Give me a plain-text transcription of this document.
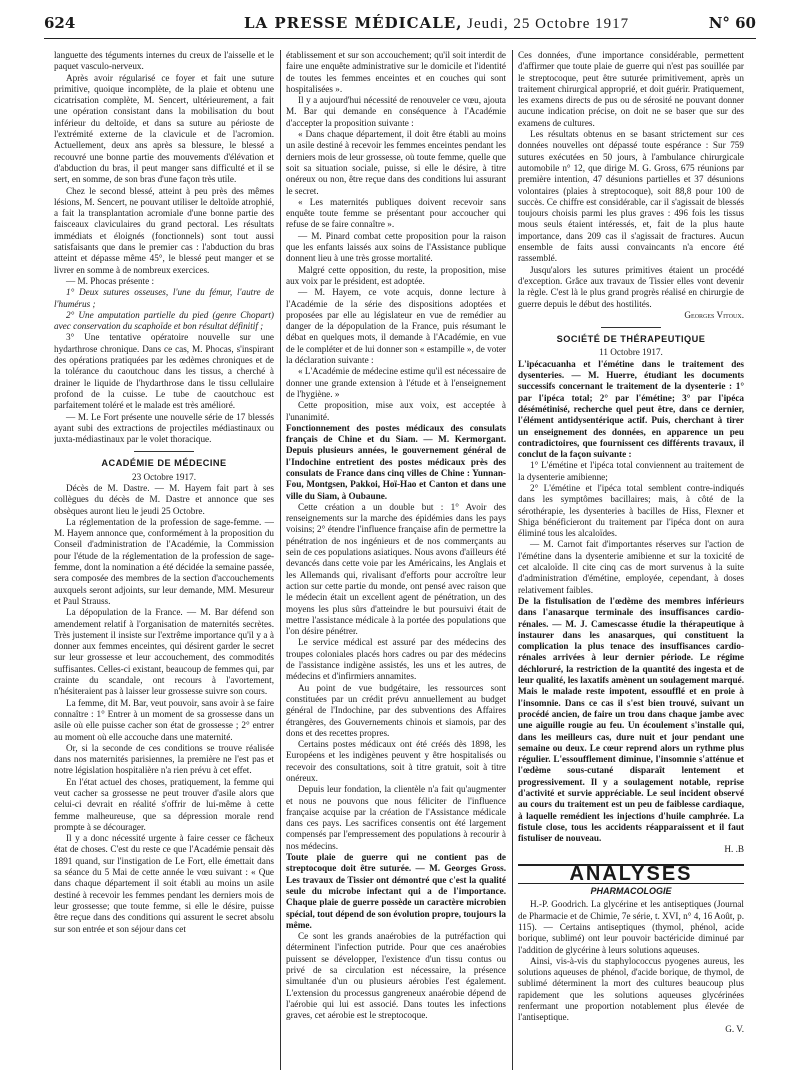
624	LA PRESSE MÉDICALE, Jeudi, 25 Octobre 1917	N° 60

languette des téguments internes du creux de l'aisselle et le paquet vasculo-nerveux.

Après avoir régularisé ce foyer et fait une suture primitive, quoique incomplète, de la plaie et obtenu une cicatrisation complète, M. Sencert, ultérieurement, a fait une opération consistant dans la mobilisation du bout inférieur du deltoïde, et dans sa suture au périoste de l'extrémité externe de la clavicule et de l'acromion. Actuellement, deux ans après sa blessure, le blessé a recouvré une bonne partie des mouvements d'élévation et d'abduction du bras, il peut manger sans difficulté et il se sert, en somme, de son bras d'une façon très utile.

Chez le second blessé, atteint à peu près des mêmes lésions, M. Sencert, ne pouvant utiliser le deltoïde atrophié, a fait la transplantation acromiale d'une bonne partie des faisceaux claviculaires du grand pectoral. Les résultats immédiats et éloignés (fonctionnels) sont tout aussi satisfaisants que dans le premier cas : l'abduction du bras atteint et dépasse même 45°, le blessé peut manger et se livrer en somme à de nombreux exercices.

— M. Phocas présente :

1° Deux sutures osseuses, l'une du fémur, l'autre de l'humérus ;

2° Une amputation partielle du pied (genre Chopart) avec conservation du scaphoïde et bon résultat définitif ;

3° Une tentative opératoire nouvelle sur une hydarthrose chronique. Dans ce cas, M. Phocas, s'inspirant des opérations pratiquées par les œdèmes chroniques et de la tolérance du caoutchouc dans les tissus, a cherché à drainer le liquide de l'hydarthrose dans le tissu cellulaire profond de la cuisse. Le tube de caoutchouc est parfaitement toléré et le malade est très amélioré.

— M. Le Fort présente une nouvelle série de 17 blessés ayant subi des extractions de projectiles médiastinaux ou juxta-médiastinaux par le volet thoracique.

ACADÉMIE DE MÉDECINE

23 Octobre 1917.

Décès de M. Dastre. — M. Hayem fait part à ses collègues du décès de M. Dastre et annonce que ses obsèques auront lieu le jeudi 25 Octobre.

La réglementation de la profession de sage-femme. — M. Hayem annonce que, conformément à la proposition du Conseil d'administration de l'Académie, la Commission pour l'étude de la réglementation de la profession de sage-femme, dont la nomination a été décidée la semaine passée, sera composée des membres de la section d'accouchements auxquels seront adjoints, sur leur demande, MM. Mesureur et Paul Strauss.

La dépopulation de la France. — M. Bar défend son amendement relatif à l'organisation de maternités secrètes. Très justement il insiste sur l'extrême importance qu'il y a à donner aux femmes enceintes, qui désirent garder le secret sur leur grossesse et leur accouchement, des commodités suffisantes. Celles-ci existant, beaucoup de femmes qui, par crainte du scandale, ont recours à l'avortement, n'hésiteraient pas à laisser leur grossesse suivre son cours.

La femme, dit M. Bar, veut pouvoir, sans avoir à se faire connaître : 1° Entrer à un moment de sa grossesse dans un asile où elle puisse cacher son état de grossesse ; 2° entrer au moment où elle accouche dans une maternité.

Or, si la seconde de ces conditions se trouve réalisée dans nos maternités parisiennes, la première ne l'est pas et notre législation hospitalière n'a rien prévu à cet effet.

En l'état actuel des choses, pratiquement, la femme qui veut cacher sa grossesse ne peut trouver d'asile alors que celui-ci devrait en réalité s'offrir de lui-même à cette femme malheureuse, que sa dépression morale rend prompte à se décourager.

Il y a donc nécessité urgente à faire cesser ce fâcheux état de choses. C'est du reste ce que l'Académie pensait dès 1891 quand, sur l'instigation de Le Fort, elle émettait dans sa séance du 5 Mai de cette année le vœu suivant : « Que dans chaque département il soit établi au moins un asile destiné à recevoir les femmes pendant les derniers mois de leur grossesse; que toute femme, si elle le désire, puisse être reçue dans des conditions qui assurent le secret absolu sur son entrée et son séjour dans cet

établissement et sur son accouchement; qu'il soit interdit de faire une enquête administrative sur le domicile et l'identité de toutes les femmes enceintes et en couches qui sont hospitalisées ».

Il y a aujourd'hui nécessité de renouveler ce vœu, ajouta M. Bar qui demande en conséquence à l'Académie d'accepter la proposition suivante :

« Dans chaque département, il doit être établi au moins un asile destiné à recevoir les femmes enceintes pendant les derniers mois de leur grossesse, où toute femme, quelle que soit sa situation sociale, puisse, si elle le désire, à titre onéreux ou non, être reçue dans des conditions lui assurant le secret.

« Les maternités publiques doivent recevoir sans enquête toute femme se présentant pour accoucher qui refuse de se faire connaître ».

— M. Pinard combat cette proposition pour la raison que les enfants laissés aux soins de l'Assistance publique donnent lieu à une très grosse mortalité.

Malgré cette opposition, du reste, la proposition, mise aux voix par le président, est adoptée.

— M. Hayem, ce vote acquis, donne lecture à l'Académie de la série des dispositions adoptées et proposées par elle au législateur en vue de remédier au danger de la dépopulation de la France, puis résumant le débat en quelques mots, il demande à l'Académie, en vue de le compléter et de lui donner son « estampille », de voter la déclaration suivante :

« L'Académie de médecine estime qu'il est nécessaire de donner une grande extension à l'étude et à l'enseignement de l'hygiène. »

Cette proposition, mise aux voix, est acceptée à l'unanimité.

Fonctionnement des postes médicaux des consulats français de Chine et du Siam. — M. Kermorgant. Depuis plusieurs années, le gouvernement général de l'Indochine entretient des postes médicaux près des consulats de France dans cinq villes de Chine : Yunnan-Fou, Montgsen, Pakkoi, Hoï-Hao et Canton et dans une ville du Siam, à Oubaune.

Cette création a un double but : 1° Avoir des renseignements sur la marche des épidémies dans les pays voisins; 2° étendre l'influence française afin de permettre la pénétration de nos ingénieurs et de nos commerçants au sein de ces populations asiatiques. Nous avons d'ailleurs été devancés dans cette voie par les Américains, les Anglais et les Allemands qui, rivalisant d'efforts pour accroître leur action sur cette partie du monde, ont pensé avec raison que le médecin était un excellent agent de pénétration, un des moyens les plus sûrs d'atteindre le but poursuivi était de mettre l'assistance médicale à la portée des populations que l'on désire pénétrer.

Le service médical est assuré par des médecins des troupes coloniales placés hors cadres ou par des médecins de l'assistance indigène assistés, les uns et les autres, de médecins et d'infirmiers annamites.

Au point de vue budgétaire, les ressources sont constituées par un crédit prévu annuellement au budget général de l'Indochine, par des subventions des Affaires étrangères, des Gouvernements chinois et siamois, par des dons et des recettes propres.

Certains postes médicaux ont été créés dès 1898, les Européens et les indigènes peuvent y être hospitalisés ou recevoir des consultations, soit à titre gratuit, soit à titre onéreux.

Depuis leur fondation, la clientèle n'a fait qu'augmenter et nous ne pouvons que nous féliciter de l'influence française acquise par la création de l'Assistance médicale dans ces pays. Les sacrifices consentis ont été largement compensés par l'empressement des populations à recourir à nos médecins.

Toute plaie de guerre qui ne contient pas de streptocoque doit être suturée. — M. Georges Gross. Les travaux de Tissier ont démontré que c'est la qualité seule du microbe infectant qui a de l'importance. Chaque plaie de guerre possède un caractère microbien spécial, tout dépend de son évolution propre, toujours la même.

Ce sont les grands anaérobies de la putréfaction qui déterminent l'infection putride. Pour que ces anaérobies puissent se développer, l'existence d'un tissu contus ou privé de sa circulation est nécessaire, la présence simultanée d'un ou plusieurs aérobies l'est également. L'extension du processus gangreneux anaérobie dépend de l'aérobie qui lui est associé. Dans toutes les infections graves, cet aérobie est le streptocoque.

Ces données, d'une importance considérable, permettent d'affirmer que toute plaie de guerre qui n'est pas souillée par le streptocoque, peut être suturée primitivement, après un traitement chirurgical approprié, et doit guérir. Pratiquement, les examens directs de pus ou de sérosité ne pouvant donner aucune indication précise, on doit ne se baser que sur des examens de cultures.

Les résultats obtenus en se basant strictement sur ces données nouvelles ont dépassé toute espérance : Sur 759 sutures exécutées en 50 jours, à l'ambulance chirurgicale automobile n° 12, que dirige M. G. Gross, 675 réunions par première intention, 47 désunions partielles et 37 désunions volontaires (plaies à streptocoque), soit 88,8 pour 100 de succès. Ce chiffre est considérable, car il s'agissait de blessés toujours choisis parmi les plus graves : 496 fois les tissus mous seuls étaient intéressés, et, fait de la plus haute importance, dans 209 cas il s'agissait de fractures. Aucun ensemble de faits aussi convaincants n'a encore été rassemblé.

Jusqu'alors les sutures primitives étaient un procédé d'exception. Grâce aux travaux de Tissier elles vont devenir la règle. C'est là le plus grand progrès réalisé en chirurgie de guerre depuis le début des hostilités.

Georges Vitoux.

SOCIÉTÉ DE THÉRAPEUTIQUE

11 Octobre 1917.

L'ipécacuanha et l'émétine dans le traitement des dysenteries. — M. Huerre, étudiant les documents successifs concernant le traitement de la dysenterie : 1° par l'ipéca total; 2° par l'émétine; 3° par l'ipéca désémétinisé, recherche quel peut être, dans ce dernier, l'élément antidysentérique actif. Puis, cherchant à tirer un enseignement des données, en apparence un peu contradictoires, que fournissent ces différents travaux, il conclut de la façon suivante :

1° L'émétine et l'ipéca total conviennent au traitement de la dysenterie amibienne;

2° L'émétine et l'ipéca total semblent contre-indiqués dans les symptômes bacillaires; mais, à côté de la sérothérapie, les dysenteries à bacilles de Hiss, Flexner et Shiga bénéficieront du traitement par l'ipéca dont on aura éliminé tous les alcaloïdes.

— M. Carnot fait d'importantes réserves sur l'action de l'émétine dans la dysenterie amibienne et sur la toxicité de cet alcaloïde. Il cite cinq cas de mort survenus à la suite d'administration d'émétine, employée, cependant, à doses relativement faibles.

De la fistulisation de l'œdème des membres inférieurs dans l'anasarque terminale des insuffisances cardio-rénales. — M. J. Camescasse étudie la thérapeutique à instaurer dans les anasarques, qui constituent la complication la plus tenace des insuffisances cardio-rénales arrivées à leur dernier période. Le régime déchloruré, la restriction de la quantité des ingesta et de leur qualité, les laxatifs amènent un soulagement marqué. Mais le malade reste impotent, essoufflé et en proie à l'insomnie. Dans ce cas il s'est bien trouvé, suivant un procédé ancien, de faire un trou dans chaque jambe avec une aiguille rougie au feu. Un écoulement s'installe qui, dans les meilleurs cas, dure nuit et jour pendant une semaine ou deux. Le cœur reprend alors un rythme plus régulier. L'essoufflement diminue, l'insomnie s'atténue et l'œdème sous-cutané disparaît lentement et progressivement. Il y a soulagement notable, reprise d'activité et survie appréciable. Le seul incident observé au cours du traitement est un peu de faiblesse cardiaque, à laquelle remédient les injections d'huile camphrée. La fistule close, tous les accidents réapparaissent et il faut fistuliser de nouveau.

H. .B

ANALYSES
PHARMACOLOGIE

H.-P. Goodrich. La glycérine et les antiseptiques (Journal de Pharmacie et de Chimie, 7e série, t. XVI, n° 4, 16 Août, p. 115). — Certains antiseptiques (thymol, phénol, acide borique, sublimé) ont leur pouvoir bactéricide diminué par l'addition de glycérine à leurs solutions aqueuses.

Ainsi, vis-à-vis du staphylococcus pyogenes aureus, les solutions aqueuses de phénol, d'acide borique, de thymol, de sublimé déterminent la mort des cultures beaucoup plus rapidement que les solutions aqueuses glycérinées renfermant une proportion notablement plus élevée de l'antiseptique.

G. V.
